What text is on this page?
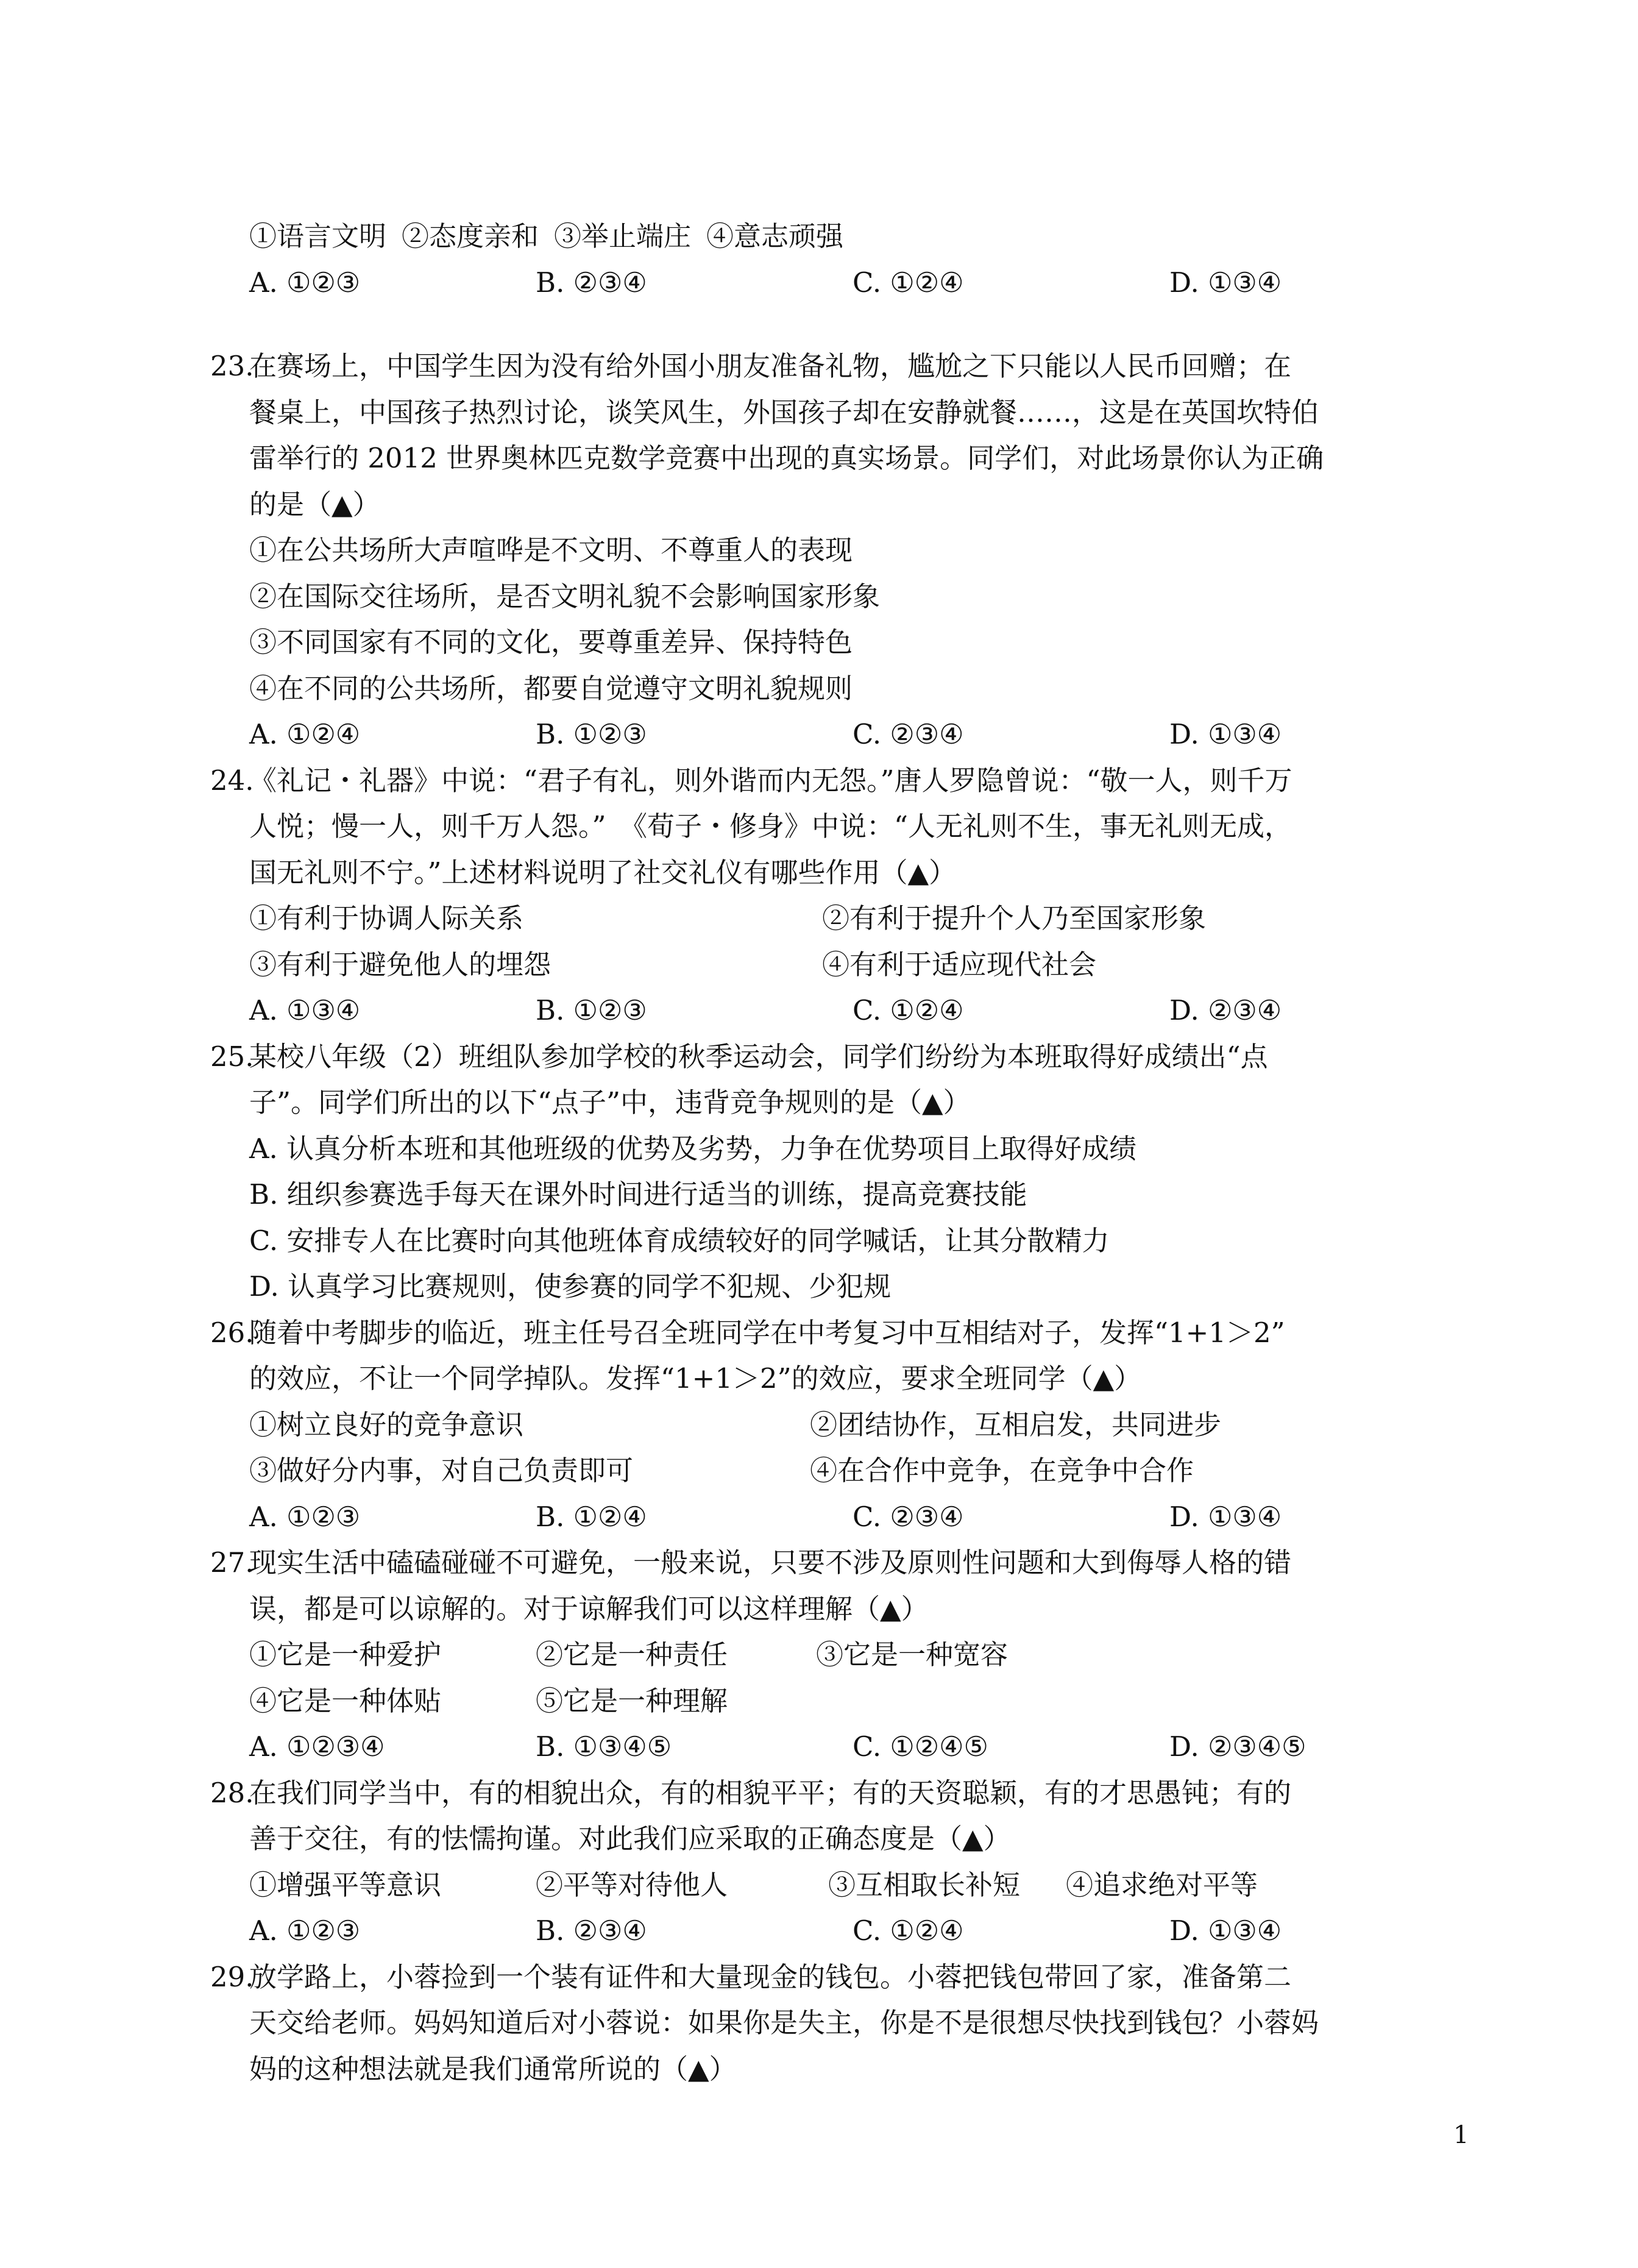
①语言文明 ②态度亲和 ③举止端庄 ④意志顽强
A. ①②③	B. ②③④	C. ①②④	D. ①③④
23.在赛场上，中国学生因为没有给外国小朋友准备礼物，尴尬之下只能以人民币回赠；在
餐桌上，中国孩子热烈讨论，谈笑风生，外国孩子却在安静就餐……，这是在英国坎特伯
雷举行的 2012 世界奥林匹克数学竞赛中出现的真实场景。同学们，对此场景你认为正确
的是（▲）
①在公共场所大声喧哗是不文明、不尊重人的表现
②在国际交往场所，是否文明礼貌不会影响国家形象
③不同国家有不同的文化，要尊重差异、保持特色
④在不同的公共场所，都要自觉遵守文明礼貌规则
A. ①②④	B. ①②③	C. ②③④	D. ①③④
24.《礼记・礼器》中说：“君子有礼，则外谐而内无怨。”唐人罗隐曾说：“敬一人，则千万
人悦；慢一人，则千万人怨。”　《荀子・修身》中说：“人无礼则不生，事无礼则无成，
国无礼则不宁。”上述材料说明了社交礼仪有哪些作用（▲）
①有利于协调人际关系	②有利于提升个人乃至国家形象
③有利于避免他人的埋怨	④有利于适应现代社会
A. ①③④	B. ①②③	C. ①②④	D. ②③④
25.某校八年级（2）班组队参加学校的秋季运动会，同学们纷纷为本班取得好成绩出“点
子”。同学们所出的以下“点子”中，违背竞争规则的是（▲）
A. 认真分析本班和其他班级的优势及劣势，力争在优势项目上取得好成绩
B. 组织参赛选手每天在课外时间进行适当的训练，提高竞赛技能
C. 安排专人在比赛时向其他班体育成绩较好的同学喊话，让其分散精力
D. 认真学习比赛规则，使参赛的同学不犯规、少犯规
26.随着中考脚步的临近，班主任号召全班同学在中考复习中互相结对子，发挥“1+1＞2”
的效应，不让一个同学掉队。发挥“1+1＞2”的效应，要求全班同学（▲）
①树立良好的竞争意识	②团结协作，互相启发，共同进步
③做好分内事，对自己负责即可	④在合作中竞争，在竞争中合作
A. ①②③	B. ①②④	C. ②③④	D. ①③④
27.现实生活中磕磕碰碰不可避免，一般来说，只要不涉及原则性问题和大到侮辱人格的错
误，都是可以谅解的。对于谅解我们可以这样理解（▲）
①它是一种爱护	②它是一种责任	③它是一种宽容
④它是一种体贴	⑤它是一种理解
A. ①②③④	B. ①③④⑤	C. ①②④⑤	D. ②③④⑤
28.在我们同学当中，有的相貌出众，有的相貌平平；有的天资聪颖，有的才思愚钝；有的
善于交往，有的怯懦拘谨。对此我们应采取的正确态度是（▲）
①增强平等意识	②平等对待他人	③互相取长补短 ④追求绝对平等
A. ①②③	B. ②③④	C. ①②④	D. ①③④
29.放学路上，小蓉捡到一个装有证件和大量现金的钱包。小蓉把钱包带回了家，准备第二
天交给老师。妈妈知道后对小蓉说：如果你是失主，你是不是很想尽快找到钱包？小蓉妈
妈的这种想法就是我们通常所说的（▲）
1
